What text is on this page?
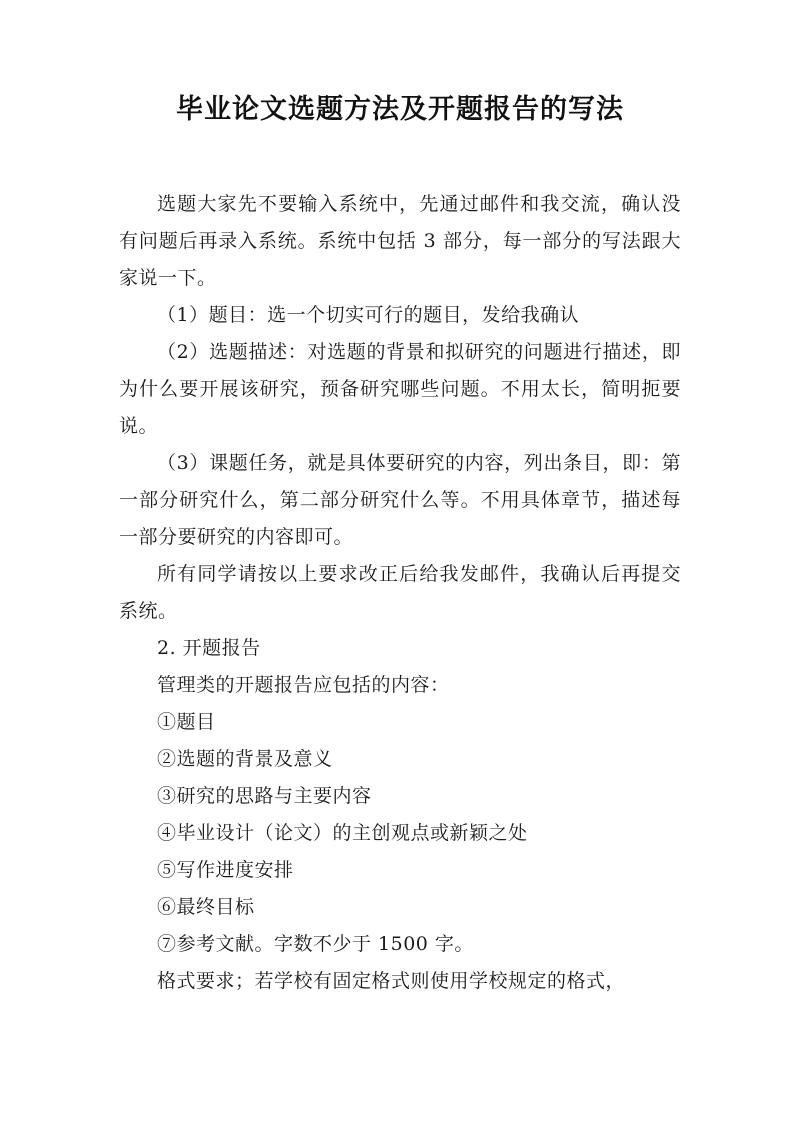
毕业论文选题方法及开题报告的写法

选题大家先不要输入系统中，先通过邮件和我交流，确认没有问题后再录入系统。系统中包括 3 部分，每一部分的写法跟大家说一下。

（1）题目：选一个切实可行的题目，发给我确认

（2）选题描述：对选题的背景和拟研究的问题进行描述，即为什么要开展该研究，预备研究哪些问题。不用太长，简明扼要说。

（3）课题任务，就是具体要研究的内容，列出条目，即：第一部分研究什么，第二部分研究什么等。不用具体章节，描述每一部分要研究的内容即可。

所有同学请按以上要求改正后给我发邮件，我确认后再提交系统。

2. 开题报告

管理类的开题报告应包括的内容：

①题目

②选题的背景及意义

③研究的思路与主要内容

④毕业设计（论文）的主创观点或新颖之处

⑤写作进度安排

⑥最终目标

⑦参考文献。字数不少于 1500 字。

格式要求；若学校有固定格式则使用学校规定的格式，
